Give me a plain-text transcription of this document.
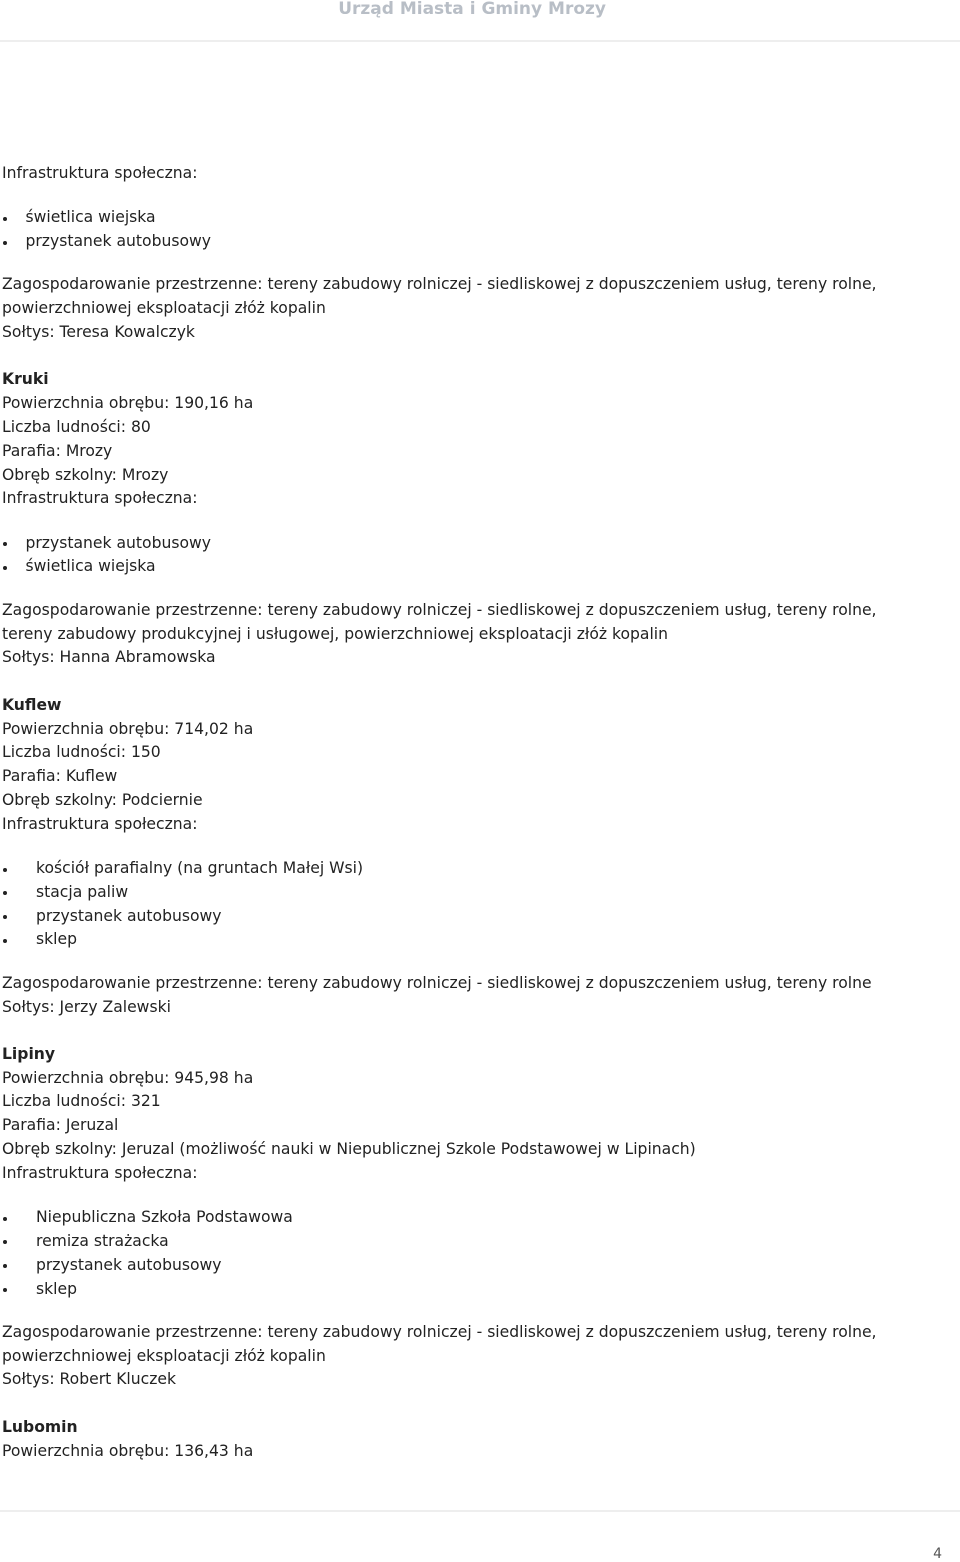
Urząd Miasta i Gminy Mrozy

Infrastruktura społeczna:

świetlica wiejska
przystanek autobusowy

Zagospodarowanie przestrzenne: tereny zabudowy rolniczej - siedliskowej z dopuszczeniem usług, tereny rolne,

powierzchniowej eksploatacji złóż kopalin

Sołtys: Teresa Kowalczyk

Kruki

Powierzchnia obrębu: 190,16 ha

Liczba ludności: 80

Parafia: Mrozy

Obręb szkolny: Mrozy

Infrastruktura społeczna:

przystanek autobusowy
świetlica wiejska

Zagospodarowanie przestrzenne: tereny zabudowy rolniczej - siedliskowej z dopuszczeniem usług, tereny rolne,

tereny zabudowy produkcyjnej i usługowej, powierzchniowej eksploatacji złóż kopalin

Sołtys: Hanna Abramowska

Kuflew

Powierzchnia obrębu: 714,02 ha

Liczba ludności: 150

Parafia: Kuflew

Obręb szkolny: Podciernie

Infrastruktura społeczna:

kościół parafialny (na gruntach Małej Wsi)
stacja paliw
przystanek autobusowy
sklep

Zagospodarowanie przestrzenne: tereny zabudowy rolniczej - siedliskowej z dopuszczeniem usług, tereny rolne

Sołtys: Jerzy Zalewski

Lipiny

Powierzchnia obrębu: 945,98 ha

Liczba ludności: 321

Parafia: Jeruzal

Obręb szkolny: Jeruzal (możliwość nauki w Niepublicznej Szkole Podstawowej w Lipinach)

Infrastruktura społeczna:

Niepubliczna Szkoła Podstawowa
remiza strażacka
przystanek autobusowy
sklep

Zagospodarowanie przestrzenne: tereny zabudowy rolniczej - siedliskowej z dopuszczeniem usług, tereny rolne,

powierzchniowej eksploatacji złóż kopalin

Sołtys: Robert Kluczek

Lubomin

Powierzchnia obrębu: 136,43 ha

4
